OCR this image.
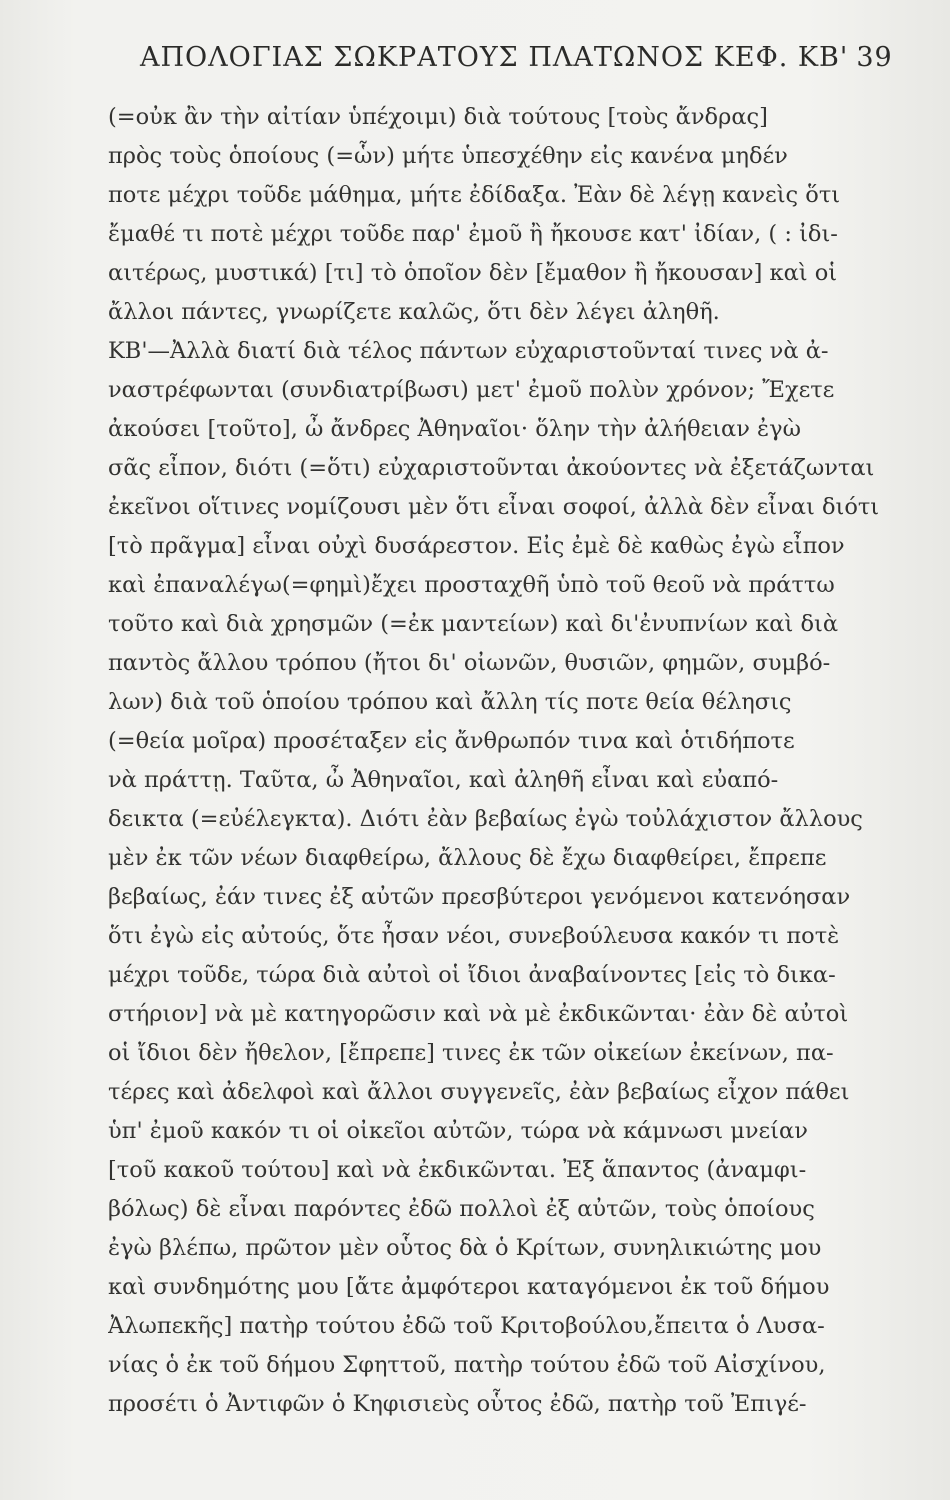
ΑΠΟΛΟΓΙΑΣ ΣΩΚΡΑΤΟΥΣ ΠΛΑΤΩΝΟΣ ΚΕΦ. ΚΒ' 39
(=οὐκ ἂν τὴν αἰτίαν ὑπέχοιμι) διὰ τούτους [τοὺς ἄνδρας]
πρὸς τοὺς ὁποίους (=ὧν) μήτε ὑπεσχέθην εἰς κανένα μηδέν
ποτε μέχρι τοῦδε μάθημα, μήτε ἐδίδαξα. Ἐὰν δὲ λέγῃ κανεὶς ὅτι
ἔμαθέ τι ποτὲ μέχρι τοῦδε παρ' ἐμοῦ ἢ ἤκουσε κατ' ἰδίαν, ( : ἰδι-
αιτέρως, μυστικά) [τι] τὸ ὁποῖον δὲν [ἔμαθον ἢ ἤκουσαν] καὶ οἱ
ἄλλοι πάντες, γνωρίζετε καλῶς, ὅτι δὲν λέγει ἀληθῆ.
ΚΒ'—Ἀλλὰ διατί διὰ τέλος πάντων εὐχαριστοῦνταί τινες νὰ ἀ-
ναστρέφωνται (συνδιατρίβωσι) μετ' ἐμοῦ πολὺν χρόνον; Ἔχετε
ἀκούσει [τοῦτο], ὦ ἄνδρες Ἀθηναῖοι· ὅλην τὴν ἀλήθειαν ἐγὼ
σᾶς εἶπον, διότι (=ὅτι) εὐχαριστοῦνται ἀκούοντες νὰ ἐξετάζωνται
ἐκεῖνοι οἵτινες νομίζουσι μὲν ὅτι εἶναι σοφοί, ἀλλὰ δὲν εἶναι διότι
[τὸ πρᾶγμα] εἶναι οὐχὶ δυσάρεστον. Εἰς ἐμὲ δὲ καθὼς ἐγὼ εἶπον
καὶ ἐπαναλέγω(=φημὶ)ἔχει προσταχθῆ ὑπὸ τοῦ θεοῦ νὰ πράττω
τοῦτο καὶ διὰ χρησμῶν (=ἐκ μαντείων) καὶ δι'ἐνυπνίων καὶ διὰ
παντὸς ἄλλου τρόπου (ἤτοι δι' οἰωνῶν, θυσιῶν, φημῶν, συμβό-
λων) διὰ τοῦ ὁποίου τρόπου καὶ ἄλλη τίς ποτε θεία θέλησις
(=θεία μοῖρα) προσέταξεν εἰς ἄνθρωπόν τινα καὶ ὁτιδήποτε
νὰ πράττῃ. Ταῦτα, ὦ Ἀθηναῖοι, καὶ ἀληθῆ εἶναι καὶ εὐαπό-
δεικτα (=εὐέλεγκτα). Διότι ἐὰν βεβαίως ἐγὼ τοὐλάχιστον ἄλλους
μὲν ἐκ τῶν νέων διαφθείρω, ἄλλους δὲ ἔχω διαφθείρει, ἔπρεπε
βεβαίως, ἐάν τινες ἐξ αὐτῶν πρεσβύτεροι γενόμενοι κατενόησαν
ὅτι ἐγὼ εἰς αὐτούς, ὅτε ἦσαν νέοι, συνεβούλευσα κακόν τι ποτὲ
μέχρι τοῦδε, τώρα διὰ αὐτοὶ οἱ ἴδιοι ἀναβαίνοντες [εἰς τὸ δικα-
στήριον] νὰ μὲ κατηγορῶσιν καὶ νὰ μὲ ἐκδικῶνται· ἐὰν δὲ αὐτοὶ
οἱ ἴδιοι δὲν ἤθελον, [ἔπρεπε] τινες ἐκ τῶν οἰκείων ἐκείνων, πα-
τέρες καὶ ἀδελφοὶ καὶ ἄλλοι συγγενεῖς, ἐὰν βεβαίως εἶχον πάθει
ὑπ' ἐμοῦ κακόν τι οἱ οἰκεῖοι αὐτῶν, τώρα νὰ κάμνωσι μνείαν
[τοῦ κακοῦ τούτου] καὶ νὰ ἐκδικῶνται. Ἐξ ἅπαντος (ἀναμφι-
βόλως) δὲ εἶναι παρόντες ἐδῶ πολλοὶ ἐξ αὐτῶν, τοὺς ὁποίους
ἐγὼ βλέπω, πρῶτον μὲν οὗτος δὰ ὁ Κρίτων, συνηλικιώτης μου
καὶ συνδημότης μου [ἄτε ἀμφότεροι καταγόμενοι ἐκ τοῦ δήμου
Ἀλωπεκῆς] πατὴρ τούτου ἐδῶ τοῦ Κριτοβούλου,ἔπειτα ὁ Λυσα-
νίας ὁ ἐκ τοῦ δήμου Σφηττοῦ, πατὴρ τούτου ἐδῶ τοῦ Αἰσχίνου,
προσέτι ὁ Ἀντιφῶν ὁ Κηφισιεὺς οὗτος ἐδῶ, πατὴρ τοῦ Ἐπιγέ-
